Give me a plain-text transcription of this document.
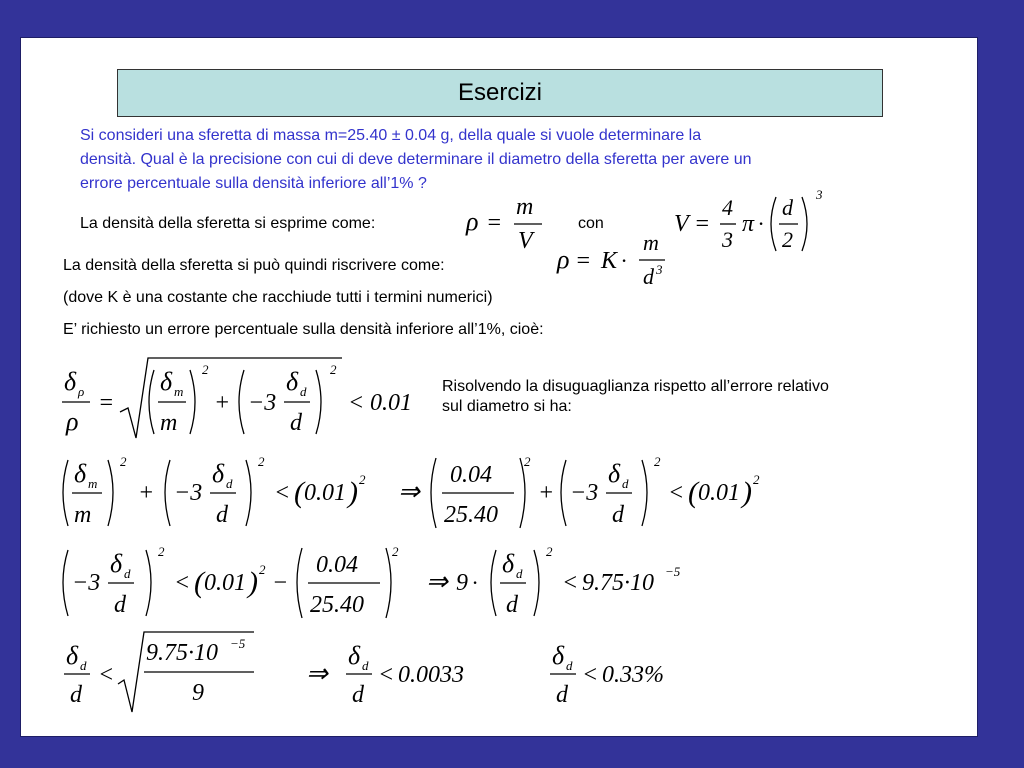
Esercizi
Si consideri una sferetta di massa m=25.40 ± 0.04 g, della quale si vuole determinare la
densità. Qual è la precisione con cui di deve determinare il diametro della sferetta per avere un
errore percentuale sulla densità inferiore all’1% ?
La densità della sferetta si esprime come:	ρ =
m
V
con	V =
4
3
π ·
d
2
3
La densità della sferetta si può quindi riscrivere come:	ρ = K ·
m
d 3
(dove K è una costante che racchiude tutti i termini numerici)
E’ richiesto un errore percentuale sulla densità inferiore all’1%, cioè:
δ ρ
ρ
=
δ m
m
2
+ −3
δ d
d
2
< 0.01
Risolvendo la disuguaglianza rispetto all’errore relativo
sul diametro si ha:
δ m
m
2
+ −3
δ d
d
2
< ( 0.01 ) 2 ⇒
0.04
25.40
2
+ −3
δ d
d
2
< ( 0.01 ) 2
−3
δ d
d
2
< ( 0.01 ) 2
−
0.04
25.40
2
⇒ 9 ·
δ d
d
2
< 9.75·10 −5
δ d
d
<
9.75·10 −5
9
⇒
δ d
d
< 0.0033
δ d
d
< 0.33%
